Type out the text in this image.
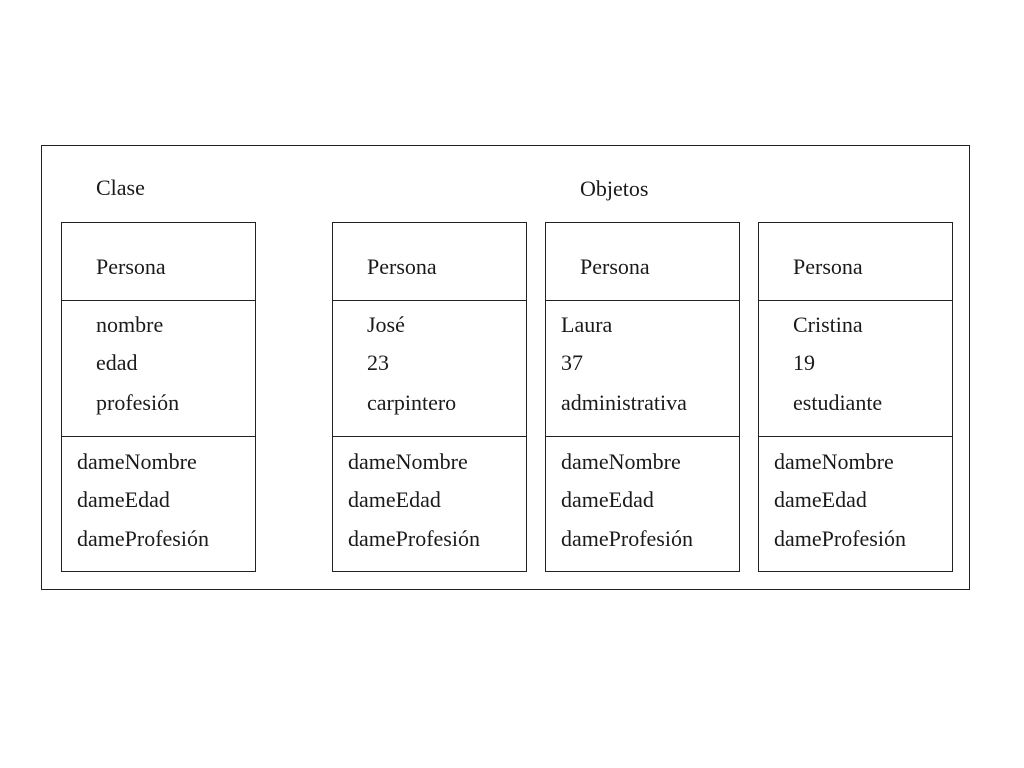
Clase	Objetos
Persona
nombre
edad
profesión
dameNombre
dameEdad
dameProfesión
Persona
José
23
carpintero
dameNombre
dameEdad
dameProfesión
Persona
Laura
37
administrativa
dameNombre
dameEdad
dameProfesión
Persona
Cristina
19
estudiante
dameNombre
dameEdad
dameProfesión
